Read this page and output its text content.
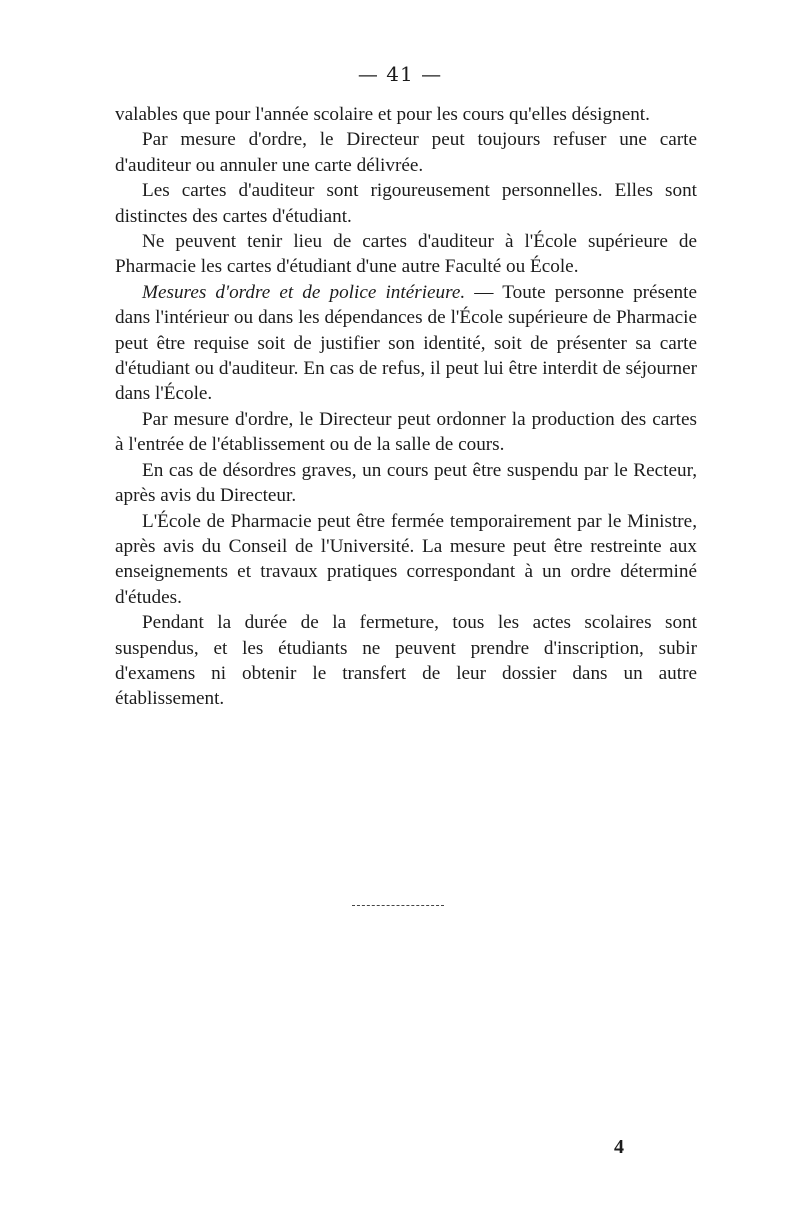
— 41 —

valables que pour l'année scolaire et pour les cours qu'elles désignent.

Par mesure d'ordre, le Directeur peut toujours refuser une carte d'auditeur ou annuler une carte délivrée.

Les cartes d'auditeur sont rigoureusement personnelles. Elles sont distinctes des cartes d'étudiant.

Ne peuvent tenir lieu de cartes d'auditeur à l'École supérieure de Pharmacie les cartes d'étudiant d'une autre Faculté ou École.

Mesures d'ordre et de police intérieure. — Toute personne présente dans l'intérieur ou dans les dépendances de l'École supérieure de Pharmacie peut être requise soit de justifier son identité, soit de présenter sa carte d'étudiant ou d'auditeur. En cas de refus, il peut lui être interdit de séjourner dans l'École.

Par mesure d'ordre, le Directeur peut ordonner la production des cartes à l'entrée de l'établissement ou de la salle de cours.

En cas de désordres graves, un cours peut être suspendu par le Recteur, après avis du Directeur.

L'École de Pharmacie peut être fermée temporairement par le Ministre, après avis du Conseil de l'Université. La mesure peut être restreinte aux enseignements et travaux pratiques correspondant à un ordre déterminé d'études.

Pendant la durée de la fermeture, tous les actes scolaires sont suspendus, et les étudiants ne peuvent prendre d'inscription, subir d'examens ni obtenir le transfert de leur dossier dans un autre établissement.

4
